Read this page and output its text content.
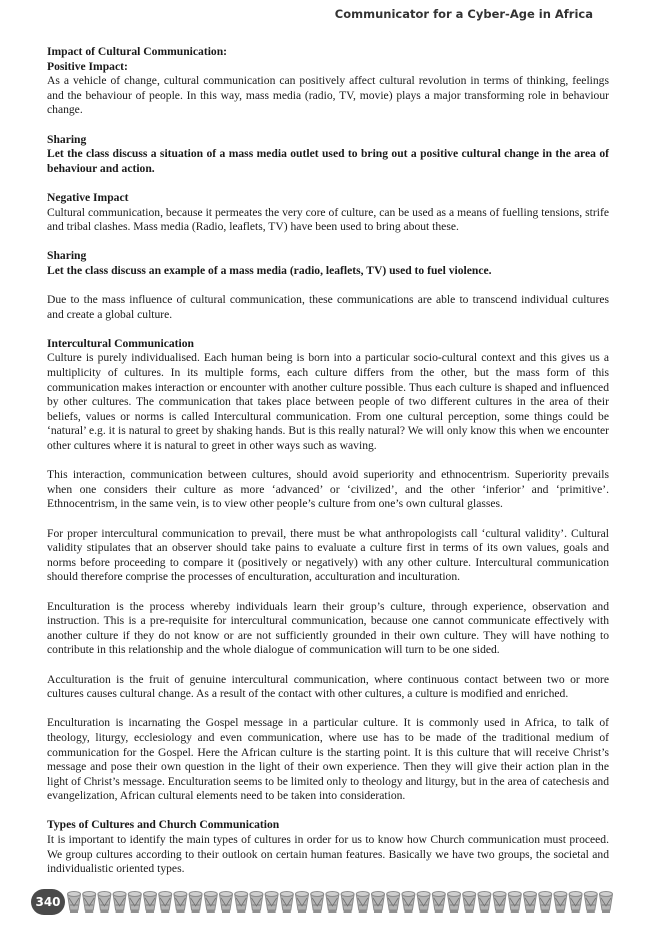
Communicator for a Cyber-Age in Africa

Impact of Cultural Communication:

Positive Impact:

As a vehicle of change, cultural communication can positively affect cultural revolution in terms of thinking, feelings and the behaviour of people. In this way, mass media (radio, TV, movie) plays a major transforming role in behaviour change.

Sharing

Let the class discuss a situation of a mass media outlet used to bring out a positive cultural change in the area of behaviour and action.

Negative Impact

Cultural communication, because it permeates the very core of culture, can be used as a means of fuelling tensions, strife and tribal clashes. Mass media (Radio, leaflets, TV) have been used to bring about these.

Sharing

Let the class discuss an example of a mass media (radio, leaflets, TV) used to fuel violence.

Due to the mass influence of cultural communication, these communications are able to transcend individual cultures and create a global culture.

Intercultural Communication

Culture is purely individualised. Each human being is born into a particular socio-cultural context and this gives us a multiplicity of cultures. In its multiple forms, each culture differs from the other, but the mass form of this communication makes interaction or encounter with another culture possible. Thus each culture is shaped and influenced by other cultures. The communication that takes place between people of two different cultures in the area of their beliefs, values or norms is called Intercultural communication. From one cultural perception, some things could be ‘natural’ e.g. it is natural to greet by shaking hands. But is this really natural? We will only know this when we encounter other cultures where it is natural to greet in other ways such as waving.

This interaction, communication between cultures, should avoid superiority and ethnocentrism. Superiority prevails when one considers their culture as more ‘advanced’ or ‘civilized’, and the other ‘inferior’ and ‘primitive’. Ethnocentrism, in the same vein, is to view other people’s culture from one’s own cultural glasses.

For proper intercultural communication to prevail, there must be what anthropologists call ‘cultural validity’. Cultural validity stipulates that an observer should take pains to evaluate a culture first in terms of its own values, goals and norms before proceeding to compare it (positively or negatively) with any other culture. Intercultural communication should therefore comprise the processes of enculturation, acculturation and inculturation.

Enculturation is the process whereby individuals learn their group’s culture, through experience, observation and instruction. This is a pre-requisite for intercultural communication, because one cannot communicate effectively with another culture if they do not know or are not sufficiently grounded in their own culture. They will have nothing to contribute in this relationship and the whole dialogue of communication will turn to be one sided.

Acculturation is the fruit of genuine intercultural communication, where continuous contact between two or more cultures causes cultural change. As a result of the contact with other cultures, a culture is modified and enriched.

Enculturation is incarnating the Gospel message in a particular culture. It is commonly used in Africa, to talk of theology, liturgy, ecclesiology and even communication, where use has to be made of the traditional medium of communication for the Gospel. Here the African culture is the starting point. It is this culture that will receive Christ’s message and pose their own question in the light of their own experience. Then they will give their action plan in the light of Christ’s message. Enculturation seems to be limited only to theology and liturgy, but in the area of catechesis and evangelization, African cultural elements need to be taken into consideration.

Types of Cultures and Church Communication

It is important to identify the main types of cultures in order for us to know how Church communication must proceed. We group cultures according to their outlook on certain human features. Basically we have two groups, the societal and individualistic oriented types.

340
